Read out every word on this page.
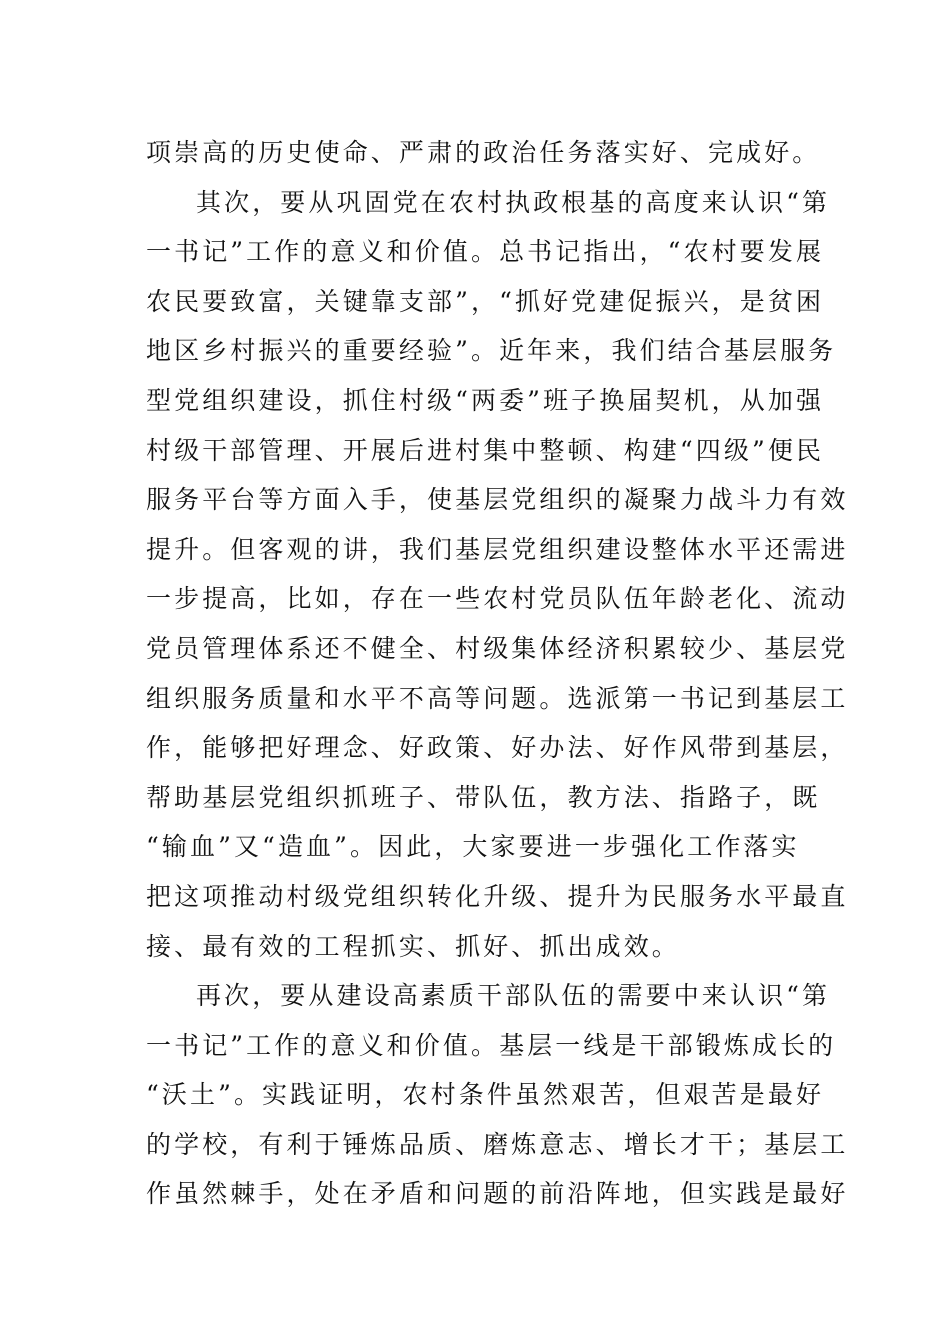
项崇高的历史使命、严肃的政治任务落实好、完成好。
其次，要从巩固党在农村执政根基的高度来认识“第
一书记”工作的意义和价值。总书记指出，“农村要发展
农民要致富，关键靠支部”，“抓好党建促振兴，是贫困
地区乡村振兴的重要经验”。近年来，我们结合基层服务
型党组织建设，抓住村级“两委”班子换届契机，从加强
村级干部管理、开展后进村集中整顿、构建“四级”便民
服务平台等方面入手，使基层党组织的凝聚力战斗力有效
提升。但客观的讲，我们基层党组织建设整体水平还需进
一步提高，比如，存在一些农村党员队伍年龄老化、流动
党员管理体系还不健全、村级集体经济积累较少、基层党
组织服务质量和水平不高等问题。选派第一书记到基层工
作，能够把好理念、好政策、好办法、好作风带到基层，
帮助基层党组织抓班子、带队伍，教方法、指路子，既
“输血”又“造血”。因此，大家要进一步强化工作落实
把这项推动村级党组织转化升级、提升为民服务水平最直
接、最有效的工程抓实、抓好、抓出成效。
再次，要从建设高素质干部队伍的需要中来认识“第
一书记”工作的意义和价值。基层一线是干部锻炼成长的
“沃土”。实践证明，农村条件虽然艰苦，但艰苦是最好
的学校，有利于锤炼品质、磨炼意志、增长才干；基层工
作虽然棘手，处在矛盾和问题的前沿阵地，但实践是最好
